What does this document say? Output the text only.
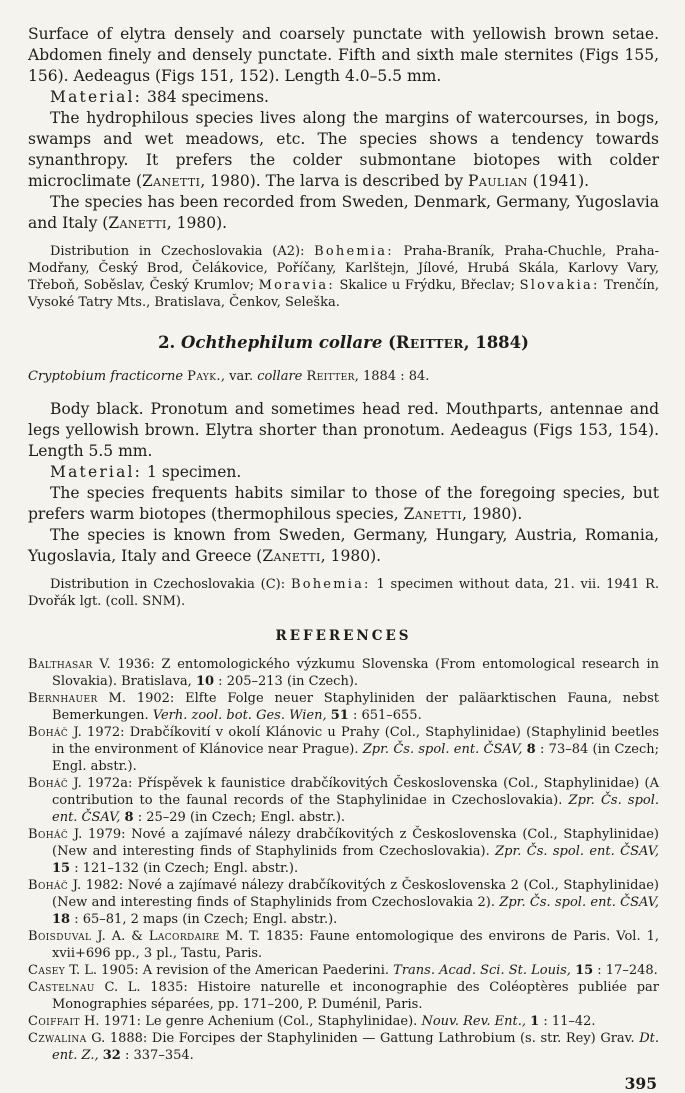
Surface of elytra densely and coarsely punctate with yellowish brown setae. Abdomen finely and densely punctate. Fifth and sixth male sternites (Figs 155, 156). Aedeagus (Figs 151, 152). Length 4.0–5.5 mm.

Material: 384 specimens.

The hydrophilous species lives along the margins of watercourses, in bogs, swamps and wet meadows, etc. The species shows a tendency towards synanthropy. It prefers the colder submontane biotopes with colder microclimate (Zanetti, 1980). The larva is described by Paulian (1941).

The species has been recorded from Sweden, Denmark, Germany, Yugoslavia and Italy (Zanetti, 1980).

Distribution in Czechoslovakia (A2): Bohemia: Praha-Braník, Praha-Chuchle, Praha-Modřany, Český Brod, Čelákovice, Poříčany, Karlštejn, Jílové, Hrubá Skála, Karlovy Vary, Třeboň, Soběslav, Český Krumlov; Moravia: Skalice u Frýdku, Břeclav; Slovakia: Trenčín, Vysoké Tatry Mts., Bratislava, Čenkov, Seleška.

2. Ochthephilum collare (Reitter, 1884)

Cryptobium fracticorne Payk., var. collare Reitter, 1884 : 84.

Body black. Pronotum and sometimes head red. Mouthparts, antennae and legs yellowish brown. Elytra shorter than pronotum. Aedeagus (Figs 153, 154). Length 5.5 mm.

Material: 1 specimen.

The species frequents habits similar to those of the foregoing species, but prefers warm biotopes (thermophilous species, Zanetti, 1980).

The species is known from Sweden, Germany, Hungary, Austria, Romania, Yugoslavia, Italy and Greece (Zanetti, 1980).

Distribution in Czechoslovakia (C): Bohemia: 1 specimen without data, 21. vii. 1941 R. Dvořák lgt. (coll. SNM).

REFERENCES

Balthasar V. 1936: Z entomologického výzkumu Slovenska (From entomological research in Slovakia). Bratislava, 10 : 205–213 (in Czech).

Bernhauer M. 1902: Elfte Folge neuer Staphyliniden der paläarktischen Fauna, nebst Bemerkungen. Verh. zool. bot. Ges. Wien, 51 : 651–655.

Boháč J. 1972: Drabčíkovití v okolí Klánovic u Prahy (Col., Staphylinidae) (Staphylinid beetles in the environment of Klánovice near Prague). Zpr. Čs. spol. ent. ČSAV, 8 : 73–84 (in Czech; Engl. abstr.).

Boháč J. 1972a: Příspěvek k faunistice drabčíkovitých Československa (Col., Staphylinidae) (A contribution to the faunal records of the Staphylinidae in Czechoslovakia). Zpr. Čs. spol. ent. ČSAV, 8 : 25–29 (in Czech; Engl. abstr.).

Boháč J. 1979: Nové a zajímavé nálezy drabčíkovitých z Československa (Col., Staphylinidae) (New and interesting finds of Staphylinids from Czechoslovakia). Zpr. Čs. spol. ent. ČSAV, 15 : 121–132 (in Czech; Engl. abstr.).

Boháč J. 1982: Nové a zajímavé nálezy drabčíkovitých z Československa 2 (Col., Staphylinidae) (New and interesting finds of Staphylinids from Czechoslovakia 2). Zpr. Čs. spol. ent. ČSAV, 18 : 65–81, 2 maps (in Czech; Engl. abstr.).

Boisduval J. A. & Lacordaire M. T. 1835: Faune entomologique des environs de Paris. Vol. 1, xvii+696 pp., 3 pl., Tastu, Paris.

Casey T. L. 1905: A revision of the American Paederini. Trans. Acad. Sci. St. Louis, 15 : 17–248.

Castelnau C. L. 1835: Histoire naturelle et inconographie des Coléoptères publiée par Monographies séparées, pp. 171–200, P. Duménil, Paris.

Coiffait H. 1971: Le genre Achenium (Col., Staphylinidae). Nouv. Rev. Ent., 1 : 11–42.

Czwalina G. 1888: Die Forcipes der Staphyliniden — Gattung Lathrobium (s. str. Rey) Grav. Dt. ent. Z., 32 : 337–354.

395
